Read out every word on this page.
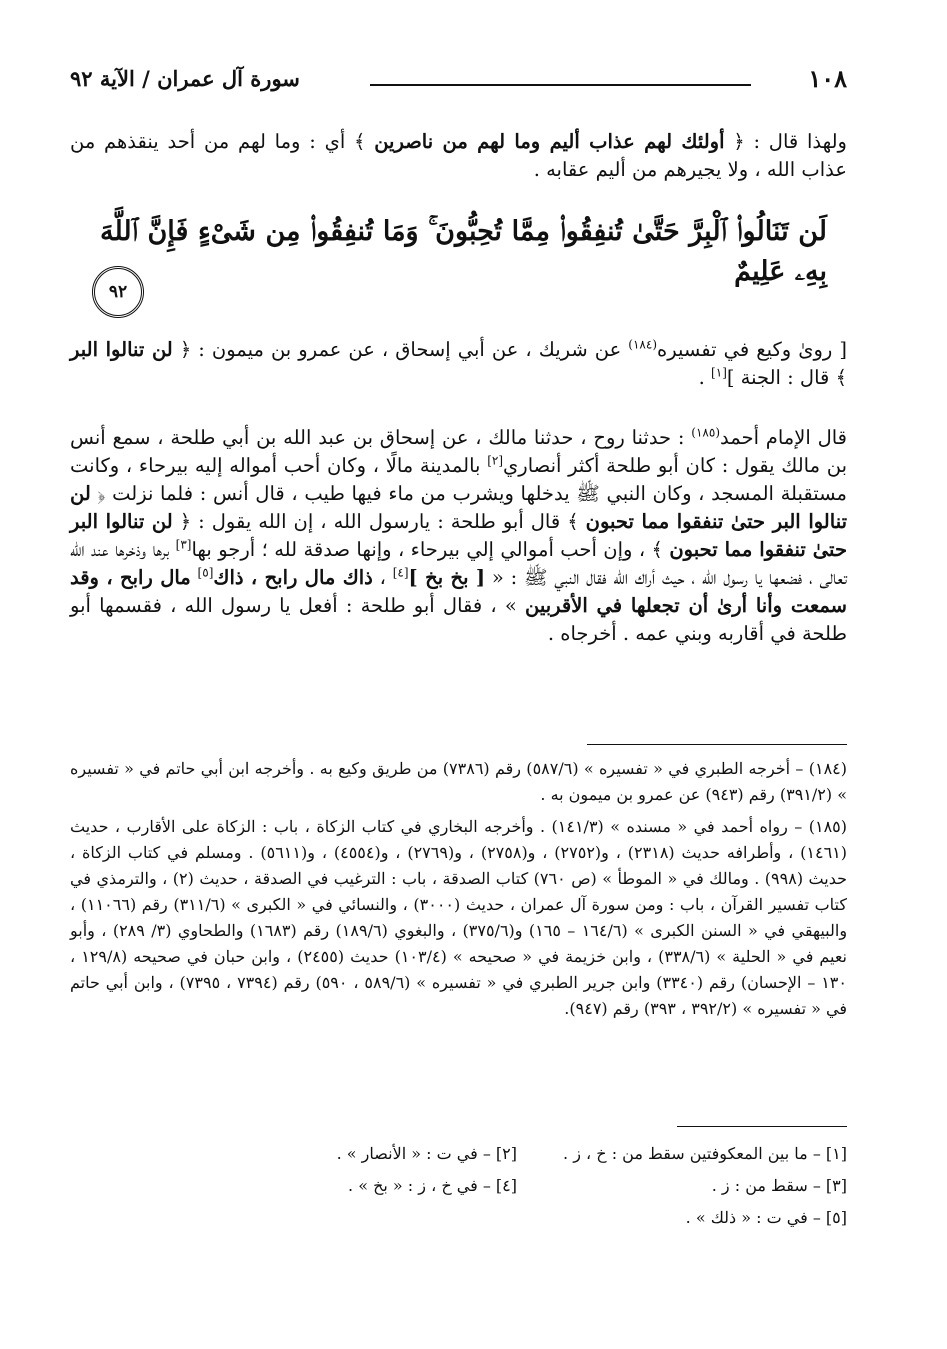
١٠٨
سورة آل عمران / الآية ٩٢

ولهذا قال : ﴿ أولئك لهم عذاب أليم وما لهم من ناصرين ﴾ أي : وما لهم من أحد ينقذهم من عذاب الله ، ولا يجيرهم من أليم عقابه .

لَن تَنَالُوا۟ ٱلْبِرَّ حَتَّىٰ تُنفِقُوا۟ مِمَّا تُحِبُّونَ ۚ وَمَا تُنفِقُوا۟ مِن شَىْءٍ فَإِنَّ ٱللَّهَ بِهِۦ عَلِيمٌ
٩٢

[ روىٰ وكيع في تفسيره$^{(١٨٤)}$ عن شريك ، عن أبي إسحاق ، عن عمرو بن ميمون : ﴿ لن تنالوا البر ﴾ قال : الجنة ][١] .

قال الإمام أحمد$^{(١٨٥)}$ : حدثنا روح ، حدثنا مالك ، عن إسحاق بن عبد الله بن أبي طلحة ، سمع أنس بن مالك يقول : كان أبو طلحة أكثر أنصاري[٢] بالمدينة مالًا ، وكان أحب أمواله إليه بيرحاء ، وكانت مستقبلة المسجد ، وكان النبي ﷺ يدخلها ويشرب من ماء فيها طيب ، قال أنس : فلما نزلت ﴿ لن تنالوا البر حتىٰ تنفقوا مما تحبون ﴾ قال أبو طلحة : يارسول الله ، إن الله يقول : ﴿ لن تنالوا البر حتىٰ تنفقوا مما تحبون ﴾ ، وإن أحب أموالي إلي بيرحاء ، وإنها صدقة لله ؛ أرجو بها[٣] برها وذخرها عند الله تعالى ، فضعها يا رسول الله ، حيث أراك الله فقال النبي ﷺ : « [ بخ بخ ][٤] ، ذاك مال رابح ، ذاك[٥] مال رابح ، وقد سمعت وأنا أرىٰ أن تجعلها في الأقربين » ، فقال أبو طلحة : أفعل يا رسول الله ، فقسمها أبو طلحة في أقاربه وبني عمه . أخرجاه .

(١٨٤) – أخرجه الطبري في « تفسيره » (٥٨٧/٦) رقم (٧٣٨٦) من طريق وكيع به . وأخرجه ابن أبي حاتم في « تفسيره » (٣٩١/٢) رقم (٩٤٣) عن عمرو بن ميمون به .

(١٨٥) – رواه أحمد في « مسنده » (١٤١/٣) . وأخرجه البخاري في كتاب الزكاة ، باب : الزكاة على الأقارب ، حديث (١٤٦١) ، وأطرافه حديث (٢٣١٨) ، و(٢٧٥٢) ، و(٢٧٥٨) ، و(٢٧٦٩) ، و(٤٥٥٤) ، و(٥٦١١) . ومسلم في كتاب الزكاة ، حديث (٩٩٨) . ومالك في « الموطأ » (ص ٧٦٠) كتاب الصدقة ، باب : الترغيب في الصدقة ، حديث (٢) ، والترمذي في كتاب تفسير القرآن ، باب : ومن سورة آل عمران ، حديث (٣٠٠٠) ، والنسائي في « الكبرى » (٣١١/٦) رقم (١١٠٦٦) ، والبيهقي في « السنن الكبرى » (١٦٤/٦ – ١٦٥) و(٣٧٥/٦) ، والبغوي (١٨٩/٦) رقم (١٦٨٣) والطحاوي (٣/ ٢٨٩) ، وأبو نعيم في « الحلية » (٣٣٨/٦) ، وابن خزيمة في « صحيحه » (١٠٣/٤) حديث (٢٤٥٥) ، وابن حبان في صحيحه (١٢٩/٨ ، ١٣٠ – الإحسان) رقم (٣٣٤٠) وابن جرير الطبري في « تفسيره » (٥٨٩/٦ ، ٥٩٠) رقم (٧٣٩٤ ، ٧٣٩٥) ، وابن أبي حاتم في « تفسيره » (٣٩٢/٢ ، ٣٩٣) رقم (٩٤٧).

[١] – ما بين المعكوفتين سقط من : خ ، ز .
[٢] – في ت : « الأنصار » .
[٣] – سقط من : ز .
[٤] – في خ ، ز : « بخ » .
[٥] – في ت : « ذلك » .
